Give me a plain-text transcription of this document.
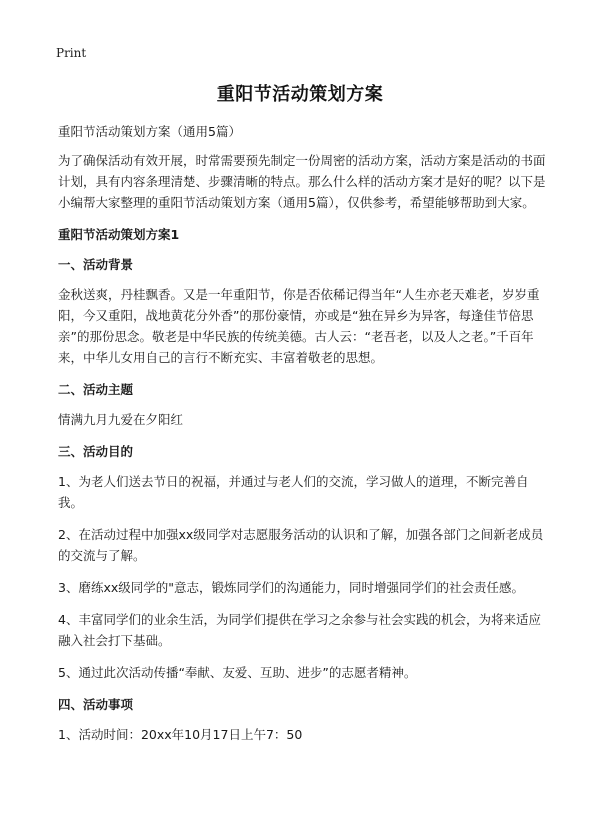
Print
重阳节活动策划方案

重阳节活动策划方案（通用5篇）

为了确保活动有效开展，时常需要预先制定一份周密的活动方案，活动方案是活动的书面计划，具有内容条理清楚、步骤清晰的特点。那么什么样的活动方案才是好的呢？以下是小编帮大家整理的重阳节活动策划方案（通用5篇），仅供参考，希望能够帮助到大家。

重阳节活动策划方案1

一、活动背景

金秋送爽，丹桂飘香。又是一年重阳节，你是否依稀记得当年“人生亦老天难老，岁岁重阳，今又重阳，战地黄花分外香”的那份豪情，亦或是“独在异乡为异客，每逢佳节倍思亲”的那份思念。敬老是中华民族的传统美德。古人云：“老吾老，以及人之老。”千百年来，中华儿女用自己的言行不断充实、丰富着敬老的思想。

二、活动主题

情满九月九爱在夕阳红

三、活动目的

1、为老人们送去节日的祝福，并通过与老人们的交流，学习做人的道理，不断完善自我。

2、在活动过程中加强xx级同学对志愿服务活动的认识和了解，加强各部门之间新老成员的交流与了解。

3、磨练xx级同学的"意志，锻炼同学们的沟通能力，同时增强同学们的社会责任感。

4、丰富同学们的业余生活，为同学们提供在学习之余参与社会实践的机会，为将来适应融入社会打下基础。

5、通过此次活动传播“奉献、友爱、互助、进步”的志愿者精神。

四、活动事项

1、活动时间：20xx年10月17日上午7：50
